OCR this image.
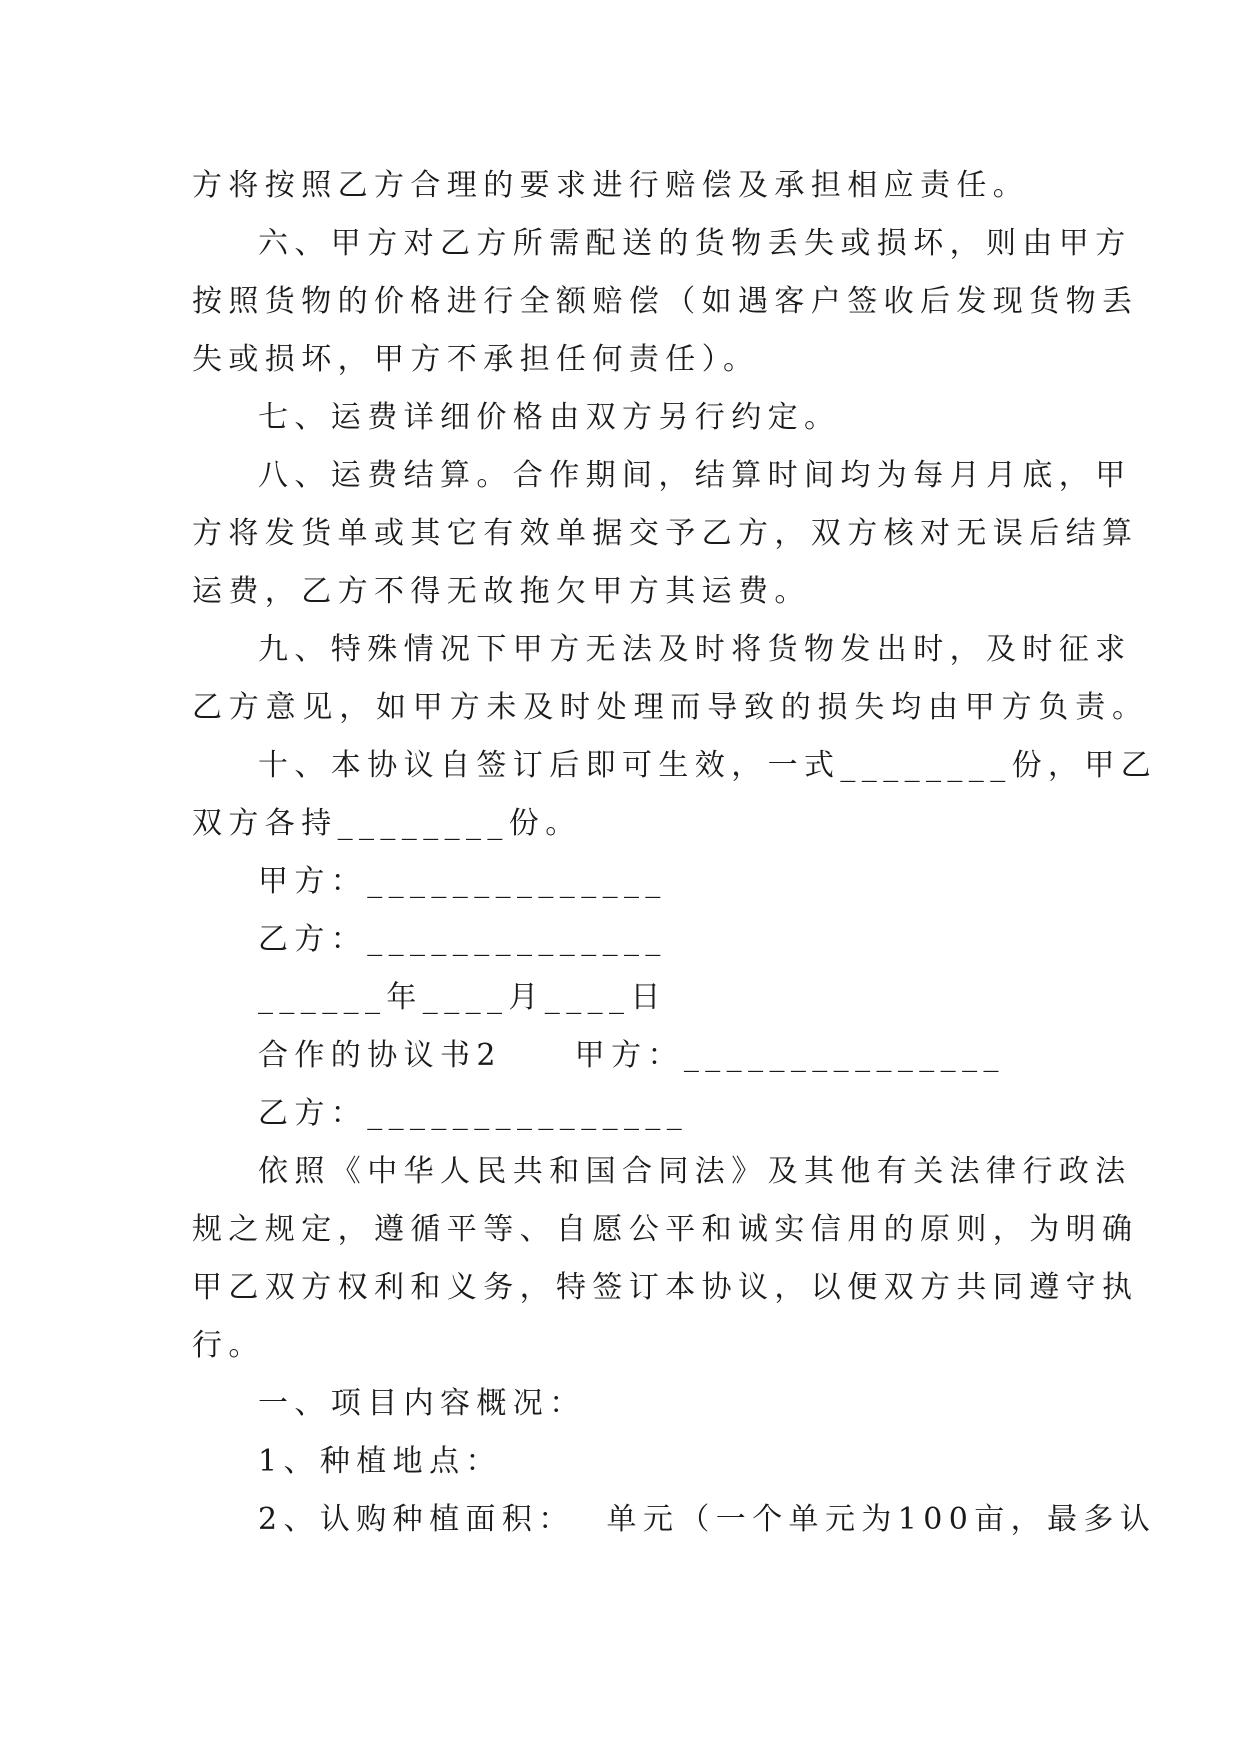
方将按照乙方合理的要求进行赔偿及承担相应责任。
六、甲方对乙方所需配送的货物丢失或损坏，则由甲方
按照货物的价格进行全额赔偿（如遇客户签收后发现货物丢
失或损坏，甲方不承担任何责任）。
七、运费详细价格由双方另行约定。
八、运费结算。合作期间，结算时间均为每月月底，甲
方将发货单或其它有效单据交予乙方，双方核对无误后结算
运费，乙方不得无故拖欠甲方其运费。
九、特殊情况下甲方无法及时将货物发出时，及时征求
乙方意见，如甲方未及时处理而导致的损失均由甲方负责。
十、本协议自签订后即可生效，一式________份，甲乙
双方各持________份。
甲方：______________
乙方：______________
______年____月____日
合作的协议书2　　甲方：_______________
乙方：_______________
依照《中华人民共和国合同法》及其他有关法律行政法
规之规定，遵循平等、自愿公平和诚实信用的原则，为明确
甲乙双方权利和义务，特签订本协议，以便双方共同遵守执
行。
一、项目内容概况：
1、种植地点：
2、认购种植面积：  单元（一个单元为100亩，最多认
